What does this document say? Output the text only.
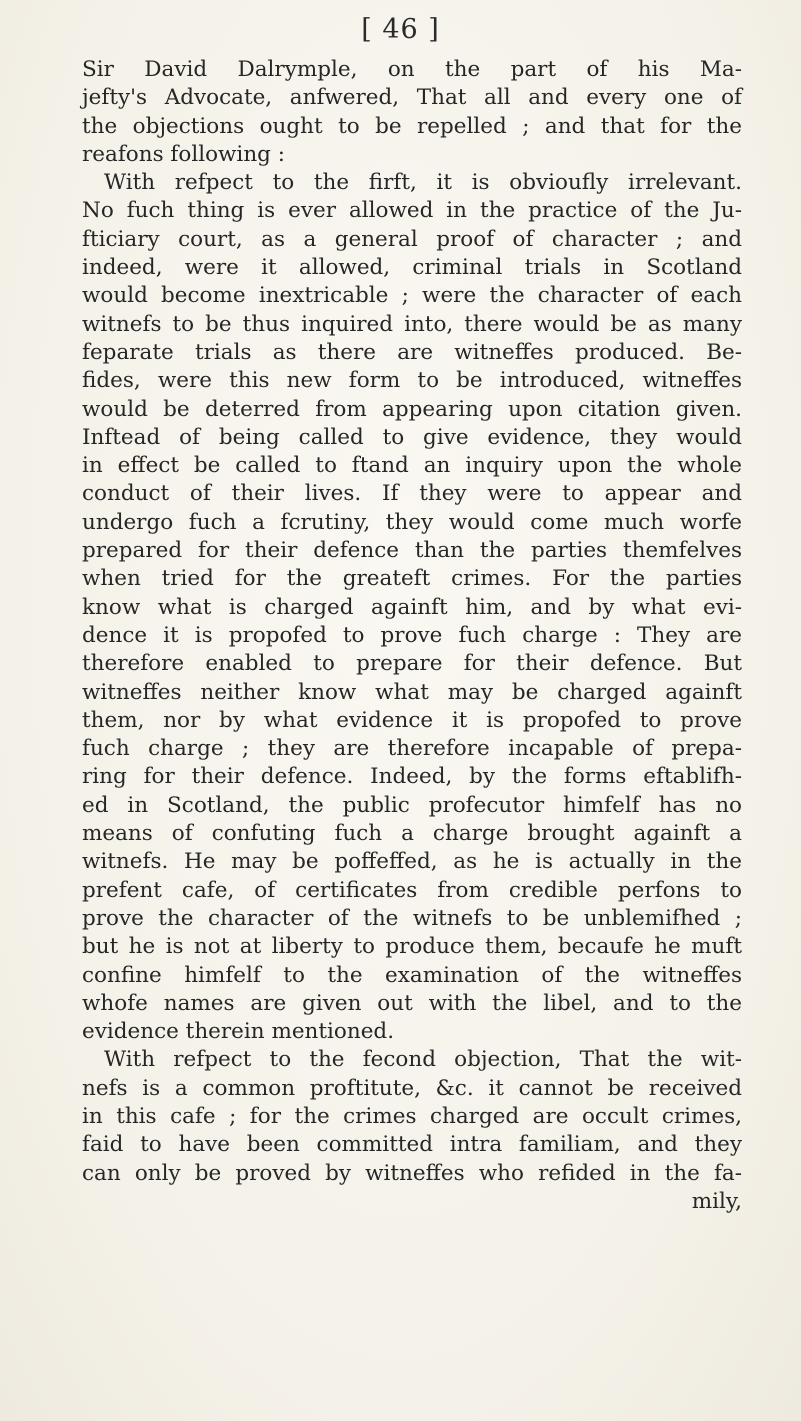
[ 46 ]
Sir David Dalrymple, on the part of his Ma-
jefty's Advocate, anfwered, That all and every one of
the objections ought to be repelled ; and that for the
reafons following :
With refpect to the firft, it is obvioufly irrelevant.
No fuch thing is ever allowed in the practice of the Ju-
fticiary court, as a general proof of character ; and
indeed, were it allowed, criminal trials in Scotland
would become inextricable ; were the character of each
witnefs to be thus inquired into, there would be as many
feparate trials as there are witneffes produced. Be-
fides, were this new form to be introduced, witneffes
would be deterred from appearing upon citation given.
Inftead of being called to give evidence, they would
in effect be called to ftand an inquiry upon the whole
conduct of their lives. If they were to appear and
undergo fuch a fcrutiny, they would come much worfe
prepared for their defence than the parties themfelves
when tried for the greateft crimes. For the parties
know what is charged againft him, and by what evi-
dence it is propofed to prove fuch charge : They are
therefore enabled to prepare for their defence. But
witneffes neither know what may be charged againft
them, nor by what evidence it is propofed to prove
fuch charge ; they are therefore incapable of prepa-
ring for their defence. Indeed, by the forms eftablifh-
ed in Scotland, the public profecutor himfelf has no
means of confuting fuch a charge brought againft a
witnefs. He may be poffeffed, as he is actually in the
prefent cafe, of certificates from credible perfons to
prove the character of the witnefs to be unblemifhed ;
but he is not at liberty to produce them, becaufe he muft
confine himfelf to the examination of the witneffes
whofe names are given out with the libel, and to the
evidence therein mentioned.
With refpect to the fecond objection, That the wit-
nefs is a common proftitute, &c. it cannot be received
in this cafe ; for the crimes charged are occult crimes,
faid to have been committed intra familiam, and they
can only be proved by witneffes who refided in the fa-
mily,
